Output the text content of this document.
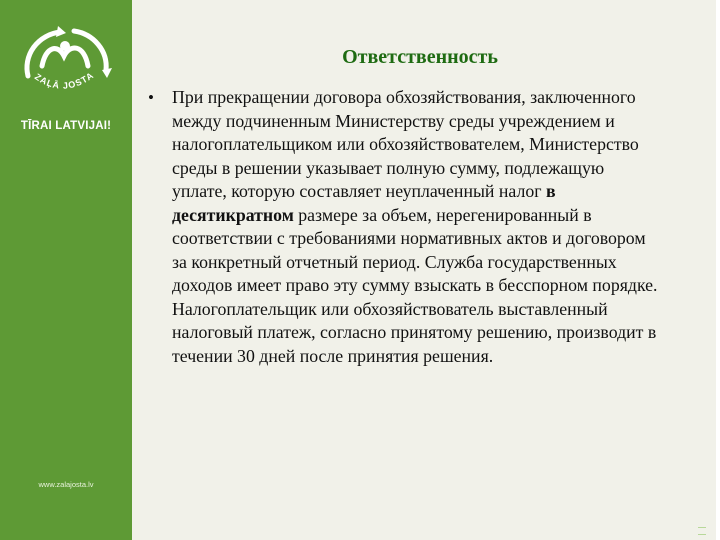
ZAĻĀ JOSTA
TĪRAI LATVIJAI!
www.zalajosta.lv
Ответственность
• При прекращении договора обхозяйствования, заключенного между подчиненным Министерству среды учреждением и налогоплательщиком или обхозяйствователем, Министерство среды в решении указывает полную сумму, подлежащую уплате, которую составляет неуплаченный налог в десятикратном размере за объем, нерегенированный в соответствии с требованиями нормативных актов и договором за конкретный отчетный период. Служба государственных доходов имеет право эту сумму взыскать в бесспорном порядке. Налогоплательщик или обхозяйствователь выставленный налоговый платеж, согласно принятому решению, производит в течении 30 дней после принятия решения.
